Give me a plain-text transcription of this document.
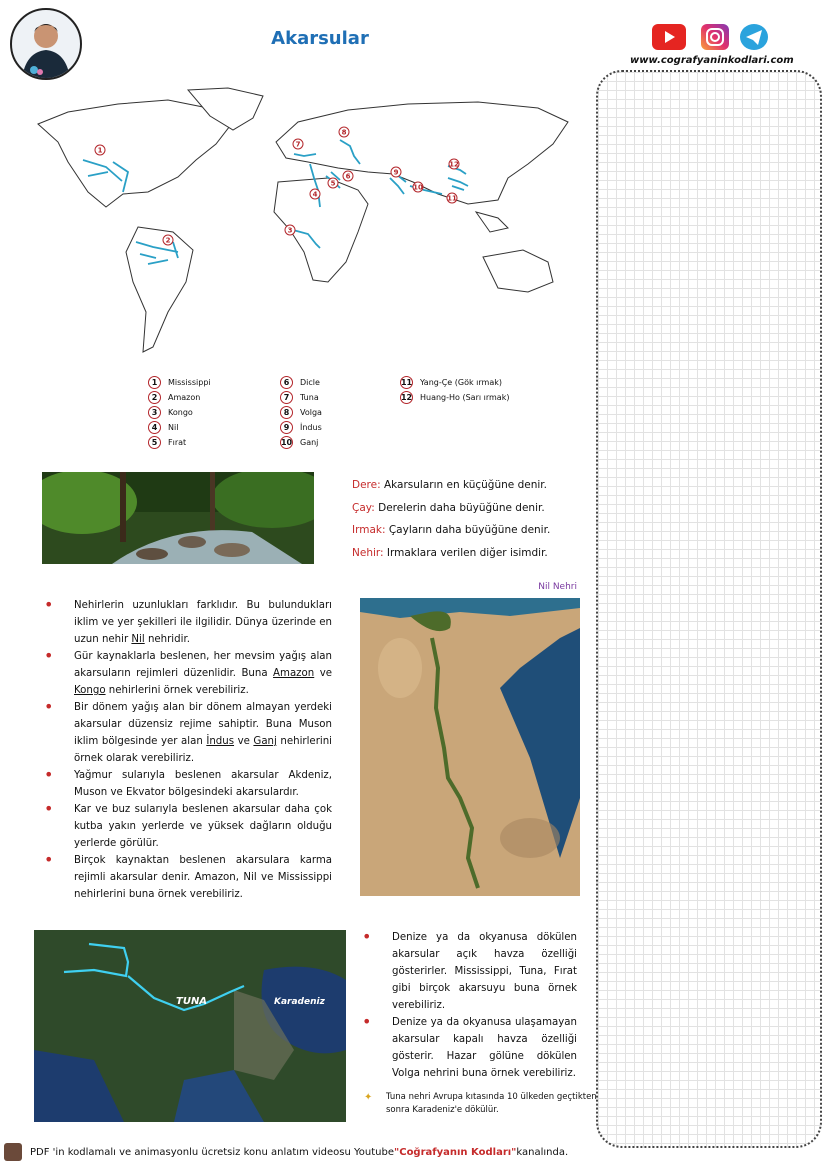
Akarsular
www.cografyaninkodlari.com
1
2
3
4
5
6
7
8
9
10
11
12
1	Mississippi
2	Amazon
3	Kongo
4	Nil
5	Fırat
6	Dicle
7	Tuna
8	Volga
9	İndus
10 Ganj
11 Yang-Çe (Gök ırmak)
12 Huang-Ho (Sarı ırmak)
Dere: Akarsuların en küçüğüne denir.
Çay: Derelerin daha büyüğüne denir.
Irmak: Çayların daha büyüğüne denir.
Nehir: Irmaklara verilen diğer isimdir.
Nil Nehri
• Nehirlerin uzunlukları farklıdır. Bu bulundukları iklim ve yer şekilleri ile ilgilidir. Dünya üzerinde en uzun nehir Nil nehridir.
• Gür kaynaklarla beslenen, her mevsim yağış alan akarsuların rejimleri düzenlidir. Buna Amazon ve Kongo nehirlerini örnek verebiliriz.
• Bir dönem yağış alan bir dönem almayan yerdeki akarsular düzensiz rejime sahiptir. Buna Muson iklim bölgesinde yer alan İndus ve Ganj nehirlerini örnek olarak verebiliriz.
• Yağmur sularıyla beslenen akarsular Akdeniz, Muson ve Ekvator bölgesindeki akarsulardır.
• Kar ve buz sularıyla beslenen akarsular daha çok kutba yakın yerlerde ve yüksek dağların olduğu yerlerde görülür.
• Birçok kaynaktan beslenen akarsulara karma rejimli akarsular denir. Amazon, Nil ve Mississippi nehirlerini buna örnek verebiliriz.
TUNA	Karadeniz
• Denize ya da okyanusa dökülen akarsular açık havza özelliği gösterirler. Mississippi, Tuna, Fırat gibi birçok akarsuyu buna örnek verebiliriz.
• Denize ya da okyanusa ulaşamayan akarsular kapalı havza özelliği gösterir. Hazar gölüne dökülen Volga nehrini buna örnek verebiliriz.
✦ Tuna nehri Avrupa kıtasında 10 ülkeden geçtikten sonra Karadeniz'e dökülür.
PDF 'in kodlamalı ve animasyonlu ücretsiz konu anlatım videosu Youtube "Coğrafyanın Kodları" kanalında.
